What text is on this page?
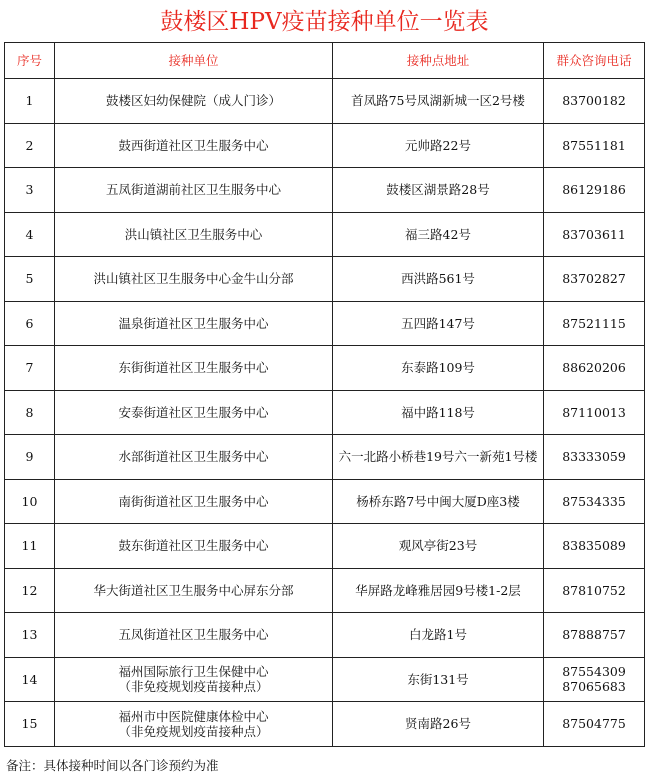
鼓楼区HPV疫苗接种单位一览表
序号	接种单位	接种点地址	群众咨询电话

1	鼓楼区妇幼保健院（成人门诊）	首凤路75号凤湖新城一区2号楼	83700182

2	鼓西街道社区卫生服务中心	元帅路22号	87551181

3	五凤街道湖前社区卫生服务中心	鼓楼区湖景路28号	86129186

4	洪山镇社区卫生服务中心	福三路42号	83703611

5	洪山镇社区卫生服务中心金牛山分部	西洪路561号	83702827

6	温泉街道社区卫生服务中心	五四路147号	87521115

7	东街街道社区卫生服务中心	东泰路109号	88620206

8	安泰街道社区卫生服务中心	福中路118号	87110013

9	水部街道社区卫生服务中心	六一北路小桥巷19号六一新苑1号楼	83333059

10	南街街道社区卫生服务中心	杨桥东路7号中闽大厦D座3楼	87534335

11	鼓东街道社区卫生服务中心	观风亭街23号	83835089

12	华大街道社区卫生服务中心屏东分部	华屏路龙峰雅居园9号楼1-2层	87810752

13	五凤街道社区卫生服务中心	白龙路1号	87888757

14	福州国际旅行卫生保健中心
（非免疫规划疫苗接种点）	东街131号	87554309
87065683

15	福州市中医院健康体检中心
（非免疫规划疫苗接种点）	贤南路26号	87504775
备注：具体接种时间以各门诊预约为准
